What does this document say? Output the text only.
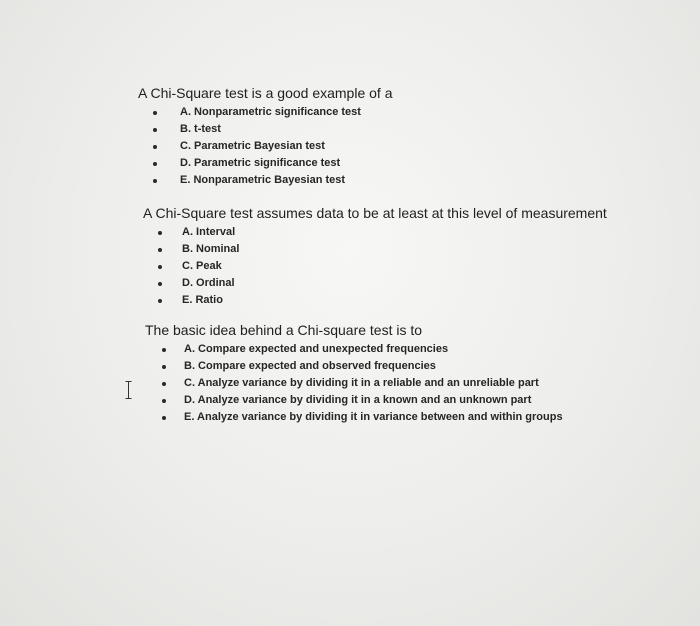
A Chi-Square test is a good example of a
A. Nonparametric significance test
B. t-test
C. Parametric Bayesian test
D. Parametric significance test
E. Nonparametric Bayesian test
A Chi-Square test assumes data to be at least at this level of measurement
A. Interval
B. Nominal
C. Peak
D. Ordinal
E. Ratio
The basic idea behind a Chi-square test is to
A. Compare expected and unexpected frequencies
B. Compare expected and observed frequencies
C. Analyze variance by dividing it in a reliable and an unreliable part
D. Analyze variance by dividing it in a known and an unknown part
E. Analyze variance by dividing it in variance between and within groups
